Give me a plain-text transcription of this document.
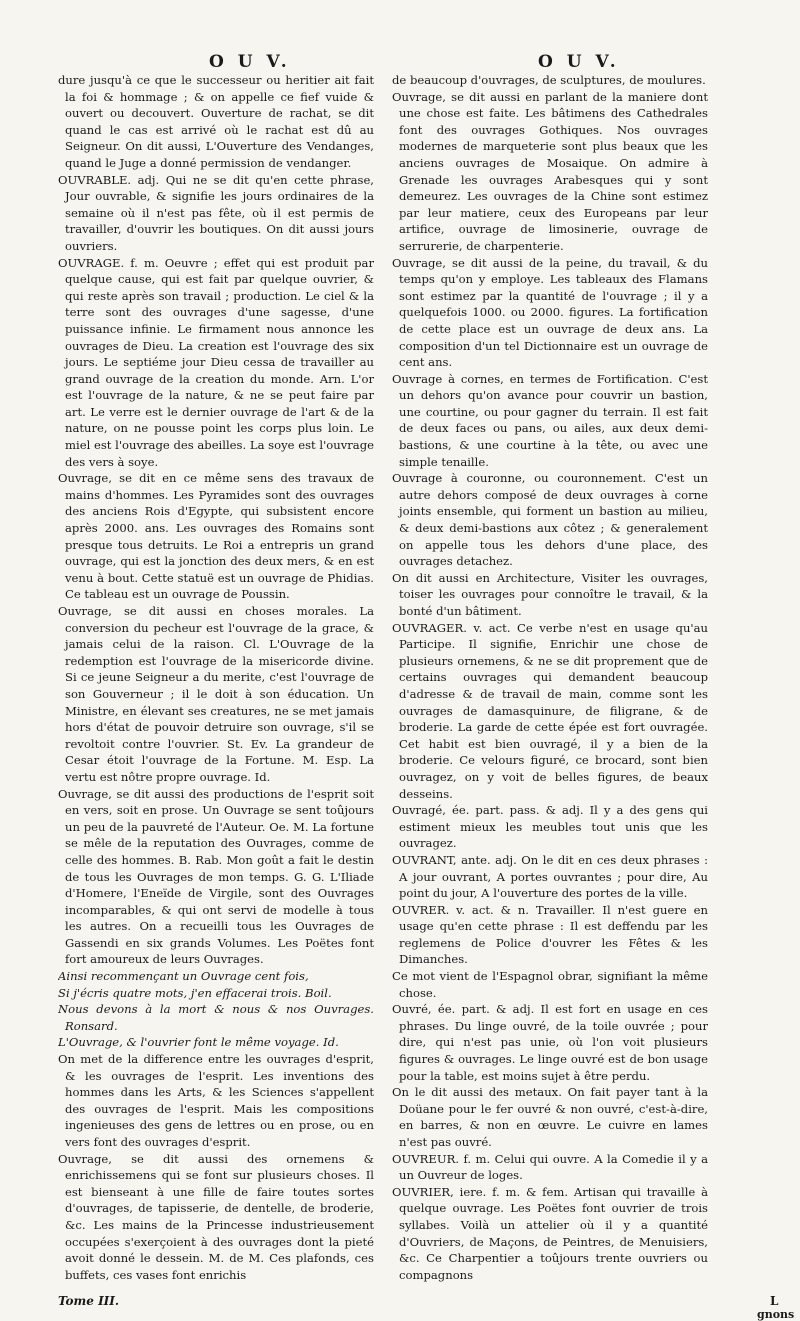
O U V.	O U V.

dure jusqu'à ce que le successeur ou heritier ait fait la foi & hommage ; & on appelle ce fief vuide & ouvert ou decouvert. Ouverture de rachat, se dit quand le cas est arrivé où le rachat est dû au Seigneur. On dit aussi, L'Ouverture des Vendanges, quand le Juge a donné permission de vendanger.

OUVRABLE. adj. Qui ne se dit qu'en cette phrase, Jour ouvrable, & signifie les jours ordinaires de la semaine où il n'est pas fête, où il est permis de travailler, d'ouvrir les boutiques. On dit aussi jours ouvriers.

OUVRAGE. f. m. Oeuvre ; effet qui est produit par quelque cause, qui est fait par quelque ouvrier, & qui reste après son travail ; production. Le ciel & la terre sont des ouvrages d'une sagesse, d'une puissance infinie. Le firmament nous annonce les ouvrages de Dieu. La creation est l'ouvrage des six jours. Le septiéme jour Dieu cessa de travailler au grand ouvrage de la creation du monde. Arn. L'or est l'ouvrage de la nature, & ne se peut faire par art. Le verre est le dernier ouvrage de l'art & de la nature, on ne pousse point les corps plus loin. Le miel est l'ouvrage des abeilles. La soye est l'ouvrage des vers à soye.

Ouvrage, se dit en ce même sens des travaux de mains d'hommes. Les Pyramides sont des ouvrages des anciens Rois d'Egypte, qui subsistent encore après 2000. ans. Les ouvrages des Romains sont presque tous detruits. Le Roi a entrepris un grand ouvrage, qui est la jonction des deux mers, & en est venu à bout. Cette statuë est un ouvrage de Phidias. Ce tableau est un ouvrage de Poussin.

Ouvrage, se dit aussi en choses morales. La conversion du pecheur est l'ouvrage de la grace, & jamais celui de la raison. Cl. L'Ouvrage de la redemption est l'ouvrage de la misericorde divine. Si ce jeune Seigneur a du merite, c'est l'ouvrage de son Gouverneur ; il le doit à son éducation. Un Ministre, en élevant ses creatures, ne se met jamais hors d'état de pouvoir detruire son ouvrage, s'il se revoltoit contre l'ouvrier. St. Ev. La grandeur de Cesar étoit l'ouvrage de la Fortune. M. Esp. La vertu est nôtre propre ouvrage. Id.

Ouvrage, se dit aussi des productions de l'esprit soit en vers, soit en prose. Un Ouvrage se sent toûjours un peu de la pauvreté de l'Auteur. Oe. M. La fortune se mêle de la reputation des Ouvrages, comme de celle des hommes. B. Rab. Mon goût a fait le destin de tous les Ouvrages de mon temps. G. G. L'Iliade d'Homere, l'Eneïde de Virgile, sont des Ouvrages incomparables, & qui ont servi de modelle à tous les autres. On a recueilli tous les Ouvrages de Gassendi en six grands Volumes. Les Poëtes font fort amoureux de leurs Ouvrages.

Ainsi recommençant un Ouvrage cent fois,

Si j'écris quatre mots, j'en effacerai trois. Boil.

Nous devons à la mort & nous & nos Ouvrages. Ronsard.

L'Ouvrage, & l'ouvrier font le même voyage. Id.

On met de la difference entre les ouvrages d'esprit, & les ouvrages de l'esprit. Les inventions des hommes dans les Arts, & les Sciences s'appellent des ouvrages de l'esprit. Mais les compositions ingenieuses des gens de lettres ou en prose, ou en vers font des ouvrages d'esprit.

Ouvrage, se dit aussi des ornemens & enrichissemens qui se font sur plusieurs choses. Il est bienseant à une fille de faire toutes sortes d'ouvrages, de tapisserie, de dentelle, de broderie, &c. Les mains de la Princesse industrieusement occupées s'exerçoient à des ouvrages dont la pieté avoit donné le dessein. M. de M. Ces plafonds, ces buffets, ces vases font enrichis

de beaucoup d'ouvrages, de sculptures, de moulures.

Ouvrage, se dit aussi en parlant de la maniere dont une chose est faite. Les bâtimens des Cathedrales font des ouvrages Gothiques. Nos ouvrages modernes de marqueterie sont plus beaux que les anciens ouvrages de Mosaique. On admire à Grenade les ouvrages Arabesques qui y sont demeurez. Les ouvrages de la Chine sont estimez par leur matiere, ceux des Europeans par leur artifice, ouvrage de limosinerie, ouvrage de serrurerie, de charpenterie.

Ouvrage, se dit aussi de la peine, du travail, & du temps qu'on y employe. Les tableaux des Flamans sont estimez par la quantité de l'ouvrage ; il y a quelquefois 1000. ou 2000. figures. La fortification de cette place est un ouvrage de deux ans. La composition d'un tel Dictionnaire est un ouvrage de cent ans.

Ouvrage à cornes, en termes de Fortification. C'est un dehors qu'on avance pour couvrir un bastion, une courtine, ou pour gagner du terrain. Il est fait de deux faces ou pans, ou ailes, aux deux demi-bastions, & une courtine à la tête, ou avec une simple tenaille.

Ouvrage à couronne, ou couronnement. C'est un autre dehors composé de deux ouvrages à corne joints ensemble, qui forment un bastion au milieu, & deux demi-bastions aux côtez ; & generalement on appelle tous les dehors d'une place, des ouvrages detachez.

On dit aussi en Architecture, Visiter les ouvrages, toiser les ouvrages pour connoître le travail, & la bonté d'un bâtiment.

OUVRAGER. v. act. Ce verbe n'est en usage qu'au Participe. Il signifie, Enrichir une chose de plusieurs ornemens, & ne se dit proprement que de certains ouvrages qui demandent beaucoup d'adresse & de travail de main, comme sont les ouvrages de damasquinure, de filigrane, & de broderie. La garde de cette épée est fort ouvragée. Cet habit est bien ouvragé, il y a bien de la broderie. Ce velours figuré, ce brocard, sont bien ouvragez, on y voit de belles figures, de beaux desseins.

Ouvragé, ée. part. pass. & adj. Il y a des gens qui estiment mieux les meubles tout unis que les ouvragez.

OUVRANT, ante. adj. On le dit en ces deux phrases : A jour ouvrant, A portes ouvrantes ; pour dire, Au point du jour, A l'ouverture des portes de la ville.

OUVRER. v. act. & n. Travailler. Il n'est guere en usage qu'en cette phrase : Il est deffendu par les reglemens de Police d'ouvrer les Fêtes & les Dimanches.

Ce mot vient de l'Espagnol obrar, signifiant la même chose.

Ouvré, ée. part. & adj. Il est fort en usage en ces phrases. Du linge ouvré, de la toile ouvrée ; pour dire, qui n'est pas unie, où l'on voit plusieurs figures & ouvrages. Le linge ouvré est de bon usage pour la table, est moins sujet à être perdu.

On le dit aussi des metaux. On fait payer tant à la Doüane pour le fer ouvré & non ouvré, c'est-à-dire, en barres, & non en œuvre. Le cuivre en lames n'est pas ouvré.

OUVREUR. f. m. Celui qui ouvre. A la Comedie il y a un Ouvreur de loges.

OUVRIER, iere. f. m. & fem. Artisan qui travaille à quelque ouvrage. Les Poëtes font ouvrier de trois syllabes. Voilà un attelier où il y a quantité d'Ouvriers, de Maçons, de Peintres, de Menuisiers, &c. Ce Charpentier a toûjours trente ouvriers ou compagnons

Tome III.	L
gnons
